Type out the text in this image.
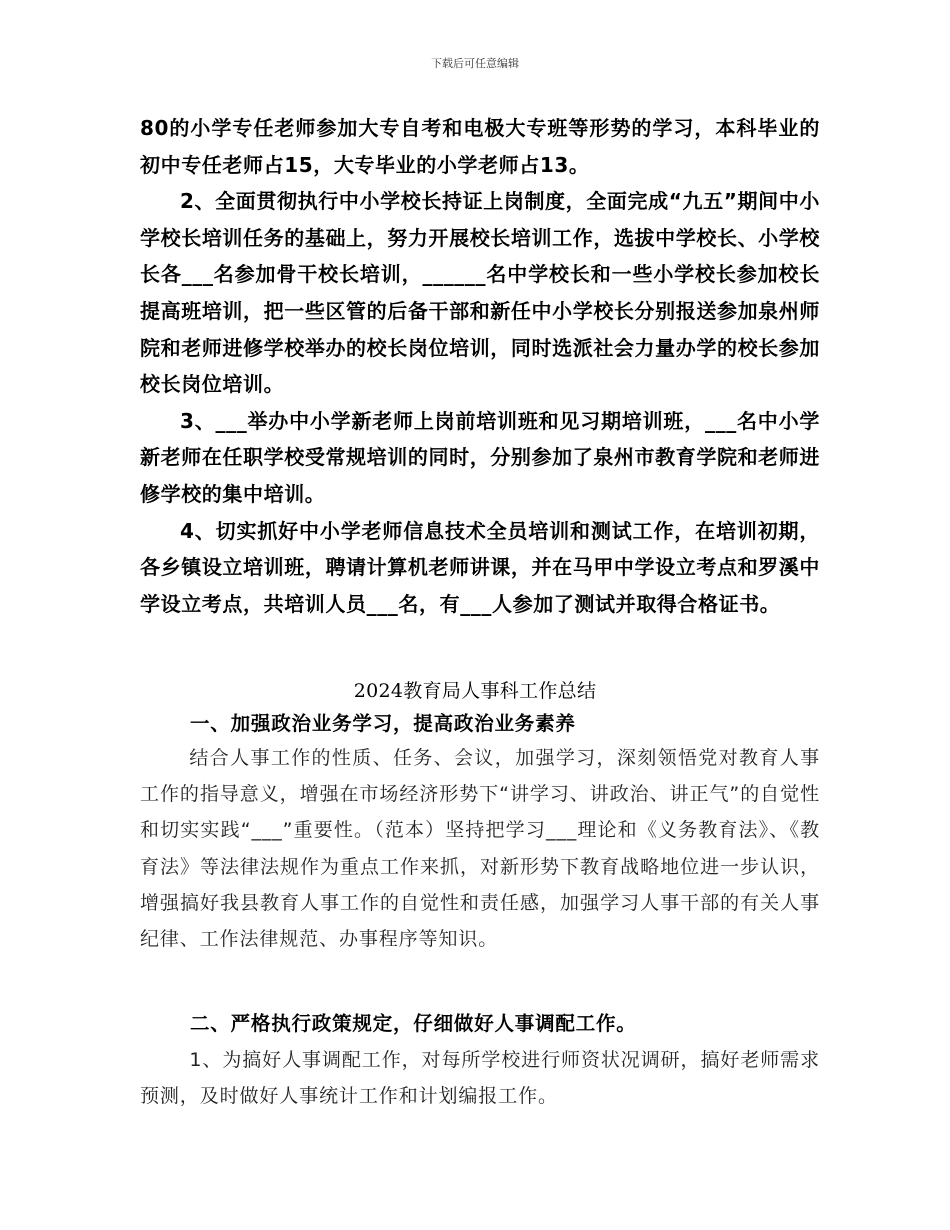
下载后可任意编辑

80的小学专任老师参加大专自考和电极大专班等形势的学习，本科毕业的初中专任老师占15，大专毕业的小学老师占13。

2、全面贯彻执行中小学校长持证上岗制度，全面完成“九五”期间中小学校长培训任务的基础上，努力开展校长培训工作，选拔中学校长、小学校长各___名参加骨干校长培训，______名中学校长和一些小学校长参加校长提高班培训，把一些区管的后备干部和新任中小学校长分别报送参加泉州师院和老师进修学校举办的校长岗位培训，同时选派社会力量办学的校长参加校长岗位培训。

3、___举办中小学新老师上岗前培训班和见习期培训班，___名中小学新老师在任职学校受常规培训的同时，分别参加了泉州市教育学院和老师进修学校的集中培训。

4、切实抓好中小学老师信息技术全员培训和测试工作，在培训初期，各乡镇设立培训班，聘请计算机老师讲课，并在马甲中学设立考点和罗溪中学设立考点，共培训人员___名，有___人参加了测试并取得合格证书。

2024教育局人事科工作总结
一、加强政治业务学习，提高政治业务素养

结合人事工作的性质、任务、会议，加强学习，深刻领悟党对教育人事工作的指导意义，增强在市场经济形势下“讲学习、讲政治、讲正气”的自觉性和切实实践“___”重要性。（范本）坚持把学习___理论和《义务教育法》、《教育法》等法律法规作为重点工作来抓，对新形势下教育战略地位进一步认识，增强搞好我县教育人事工作的自觉性和责任感，加强学习人事干部的有关人事纪律、工作法律规范、办事程序等知识。

二、严格执行政策规定，仔细做好人事调配工作。

1、为搞好人事调配工作，对每所学校进行师资状况调研，搞好老师需求预测，及时做好人事统计工作和计划编报工作。
